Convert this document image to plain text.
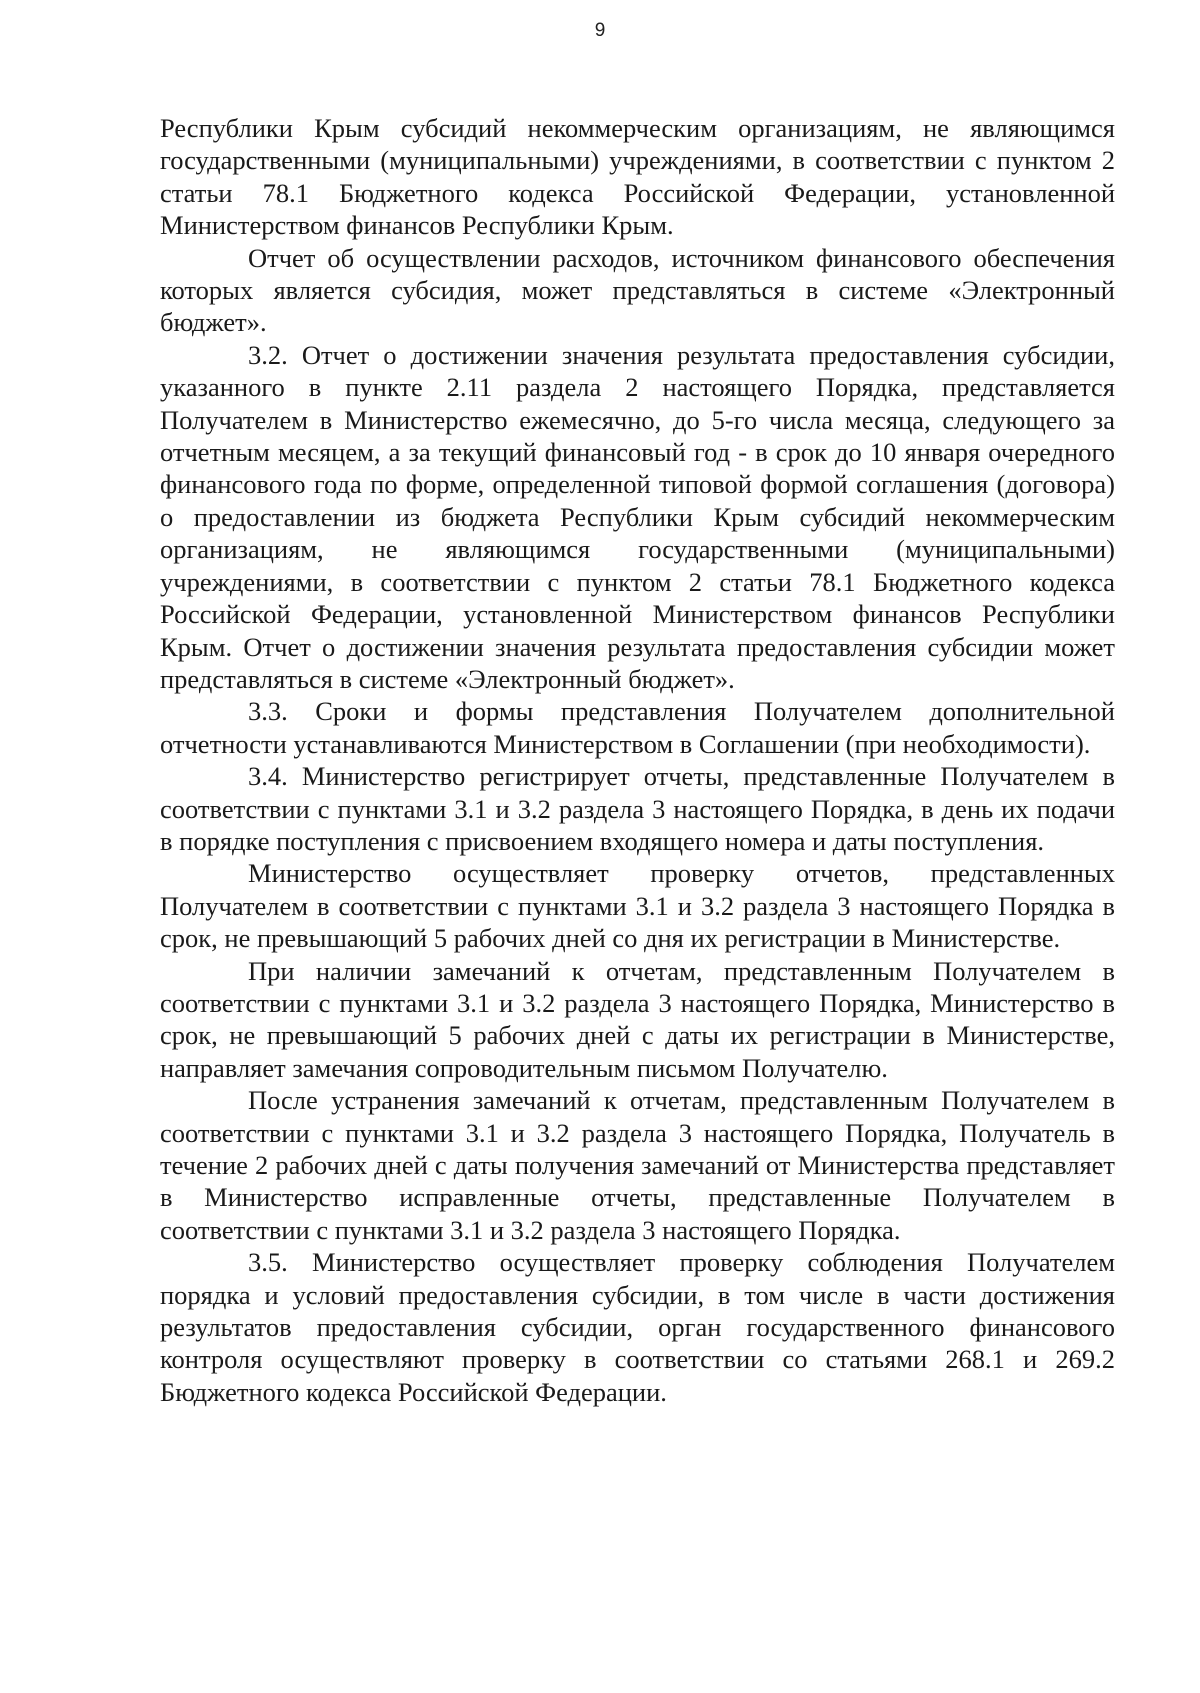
9

Республики Крым субсидий некоммерческим организациям, не являющимся государственными (муниципальными) учреждениями, в соответствии с пунктом 2 статьи 78.1 Бюджетного кодекса Российской Федерации, установленной Министерством финансов Республики Крым.

Отчет об осуществлении расходов, источником финансового обеспечения которых является субсидия, может представляться в системе «Электронный бюджет».

3.2. Отчет о достижении значения результата предоставления субсидии, указанного в пункте 2.11 раздела 2 настоящего Порядка, представляется Получателем в Министерство ежемесячно, до 5-го числа месяца, следующего за отчетным месяцем, а за текущий финансовый год - в срок до 10 января очередного финансового года по форме, определенной типовой формой соглашения (договора) о предоставлении из бюджета Республики Крым субсидий некоммерческим организациям, не являющимся государственными (муниципальными) учреждениями, в соответствии с пунктом 2 статьи 78.1 Бюджетного кодекса Российской Федерации, установленной Министерством финансов Республики Крым. Отчет о достижении значения результата предоставления субсидии может представляться в системе «Электронный бюджет».

3.3. Сроки и формы представления Получателем дополнительной отчетности устанавливаются Министерством в Соглашении (при необходимости).

3.4. Министерство регистрирует отчеты, представленные Получателем в соответствии с пунктами 3.1 и 3.2 раздела 3 настоящего Порядка, в день их подачи в порядке поступления с присвоением входящего номера и даты поступления.

Министерство осуществляет проверку отчетов, представленных Получателем в соответствии с пунктами 3.1 и 3.2 раздела 3 настоящего Порядка в срок, не превышающий 5 рабочих дней со дня их регистрации в Министерстве.

При наличии замечаний к отчетам, представленным Получателем в соответствии с пунктами 3.1 и 3.2 раздела 3 настоящего Порядка, Министерство в срок, не превышающий 5 рабочих дней с даты их регистрации в Министерстве, направляет замечания сопроводительным письмом Получателю.

После устранения замечаний к отчетам, представленным Получателем в соответствии с пунктами 3.1 и 3.2 раздела 3 настоящего Порядка, Получатель в течение 2 рабочих дней с даты получения замечаний от Министерства представляет в Министерство исправленные отчеты, представленные Получателем в соответствии с пунктами 3.1 и 3.2 раздела 3 настоящего Порядка.

3.5. Министерство осуществляет проверку соблюдения Получателем порядка и условий предоставления субсидии, в том числе в части достижения результатов предоставления субсидии, орган государственного финансового контроля осуществляют проверку в соответствии со статьями 268.1 и 269.2 Бюджетного кодекса Российской Федерации.
